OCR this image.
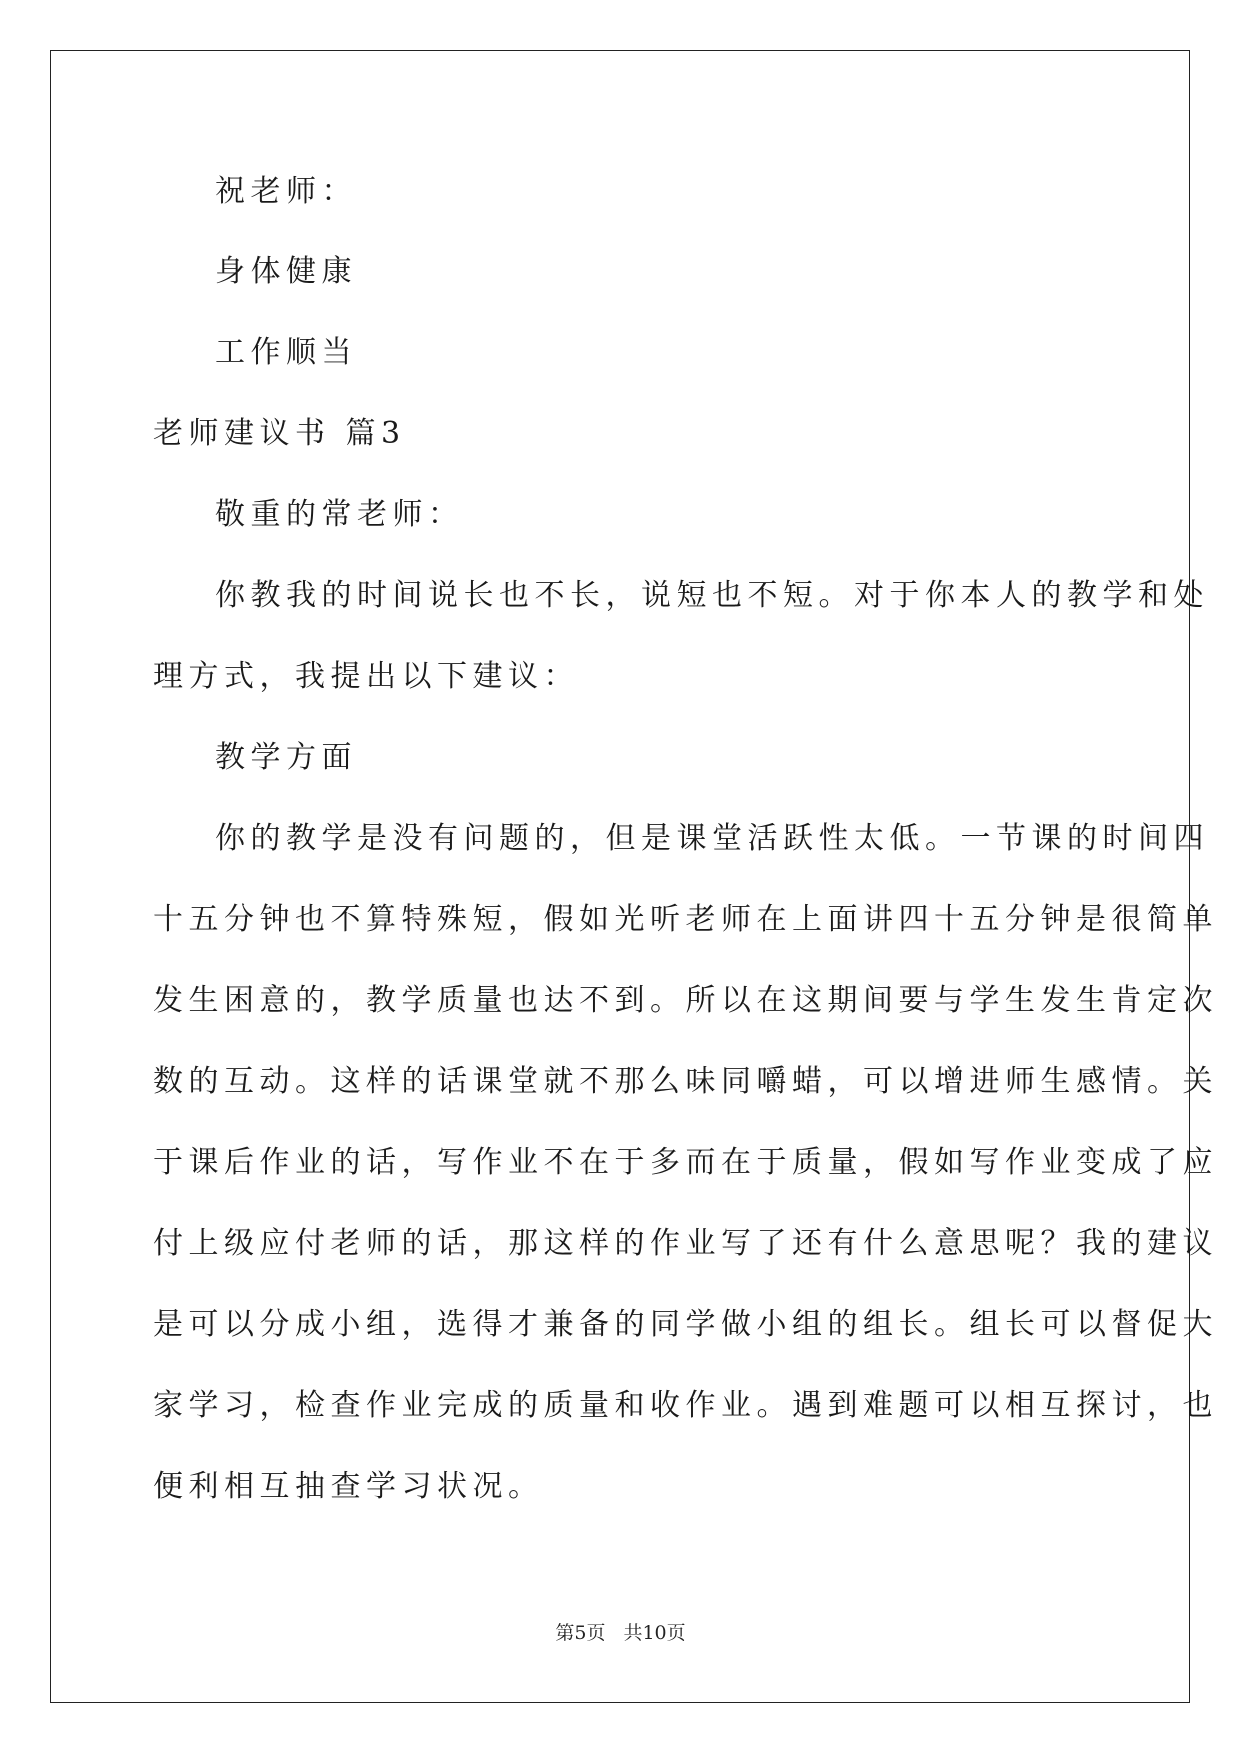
祝老师：
身体健康
工作顺当
老师建议书 篇3
敬重的常老师：
你教我的时间说长也不长，说短也不短。对于你本人的教学和处
理方式，我提出以下建议：
教学方面
你的教学是没有问题的，但是课堂活跃性太低。一节课的时间四
十五分钟也不算特殊短，假如光听老师在上面讲四十五分钟是很简单
发生困意的，教学质量也达不到。所以在这期间要与学生发生肯定次
数的互动。这样的话课堂就不那么味同嚼蜡，可以增进师生感情。关
于课后作业的话，写作业不在于多而在于质量，假如写作业变成了应
付上级应付老师的话，那这样的作业写了还有什么意思呢？我的建议
是可以分成小组，选得才兼备的同学做小组的组长。组长可以督促大
家学习，检查作业完成的质量和收作业。遇到难题可以相互探讨，也
便利相互抽查学习状况。
第5页 共10页
